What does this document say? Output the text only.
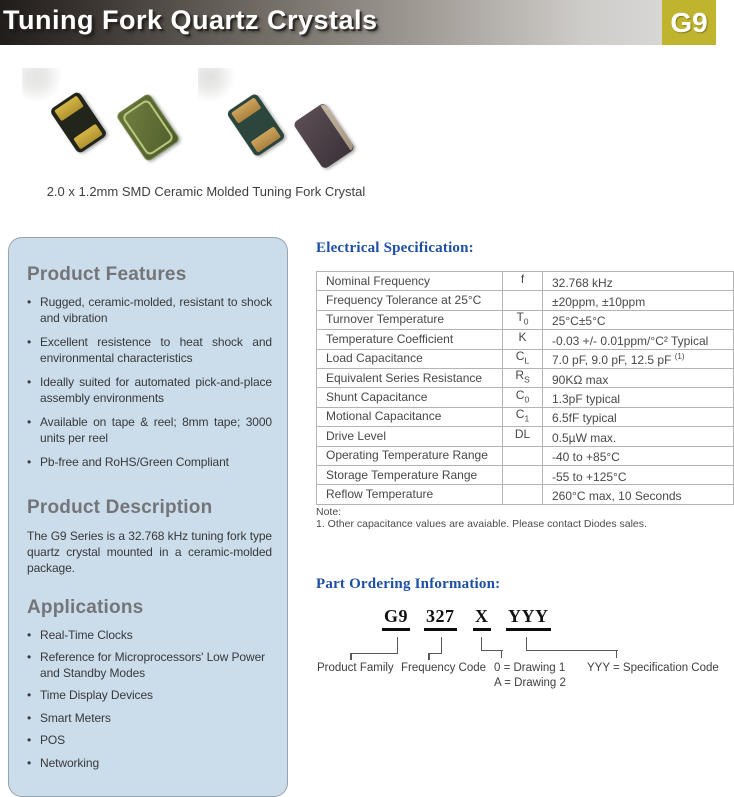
Tuning Fork Quartz Crystals	G9
2.0 x 1.2mm SMD Ceramic Molded Tuning Fork Crystal
Product Features
• Rugged, ceramic-molded, resistant to shock and vibration
• Excellent resistence to heat shock and environmental characteristics
• Ideally suited for automated pick-and-place assembly environments
• Available on tape & reel; 8mm tape; 3000 units per reel
• Pb-free and RoHS/Green Compliant
Product Description

The G9 Series is a 32.768 kHz tuning fork type quartz crystal mounted in a ceramic-molded package.

Applications
• Real-Time Clocks
• Reference for Microprocessors' Low Power and Standby Modes
• Time Display Devices
• Smart Meters
• POS
• Networking
Electrical Specification:
Nominal Frequency	f	32.768 kHz
Frequency Tolerance at 25°C		±20ppm, ±10ppm
Turnover Temperature	$T_0$	25°C±5°C
Temperature Coefficient	K	-0.03 +/- 0.01ppm/°C² Typical
Load Capacitance	$C_L$	7.0 pF, 9.0 pF, 12.5 pF $^{(1)}$
Equivalent Series Resistance	$R_S$	90KΩ max
Shunt Capacitance	$C_0$	1.3pF typical
Motional Capacitance	$C_1$	6.5fF typical
Drive Level	DL	0.5µW max.
Operating Temperature Range		-40 to +85°C
Storage Temperature Range		-55 to +125°C
Reflow Temperature		260°C max, 10 Seconds
Note:
1. Other capacitance values are avaiable. Please contact Diodes sales.
Part Ordering Information:
G9 327 X YYY
Product Family Frequency Code 0 = Drawing 1
A = Drawing 2
YYY = Specification Code
